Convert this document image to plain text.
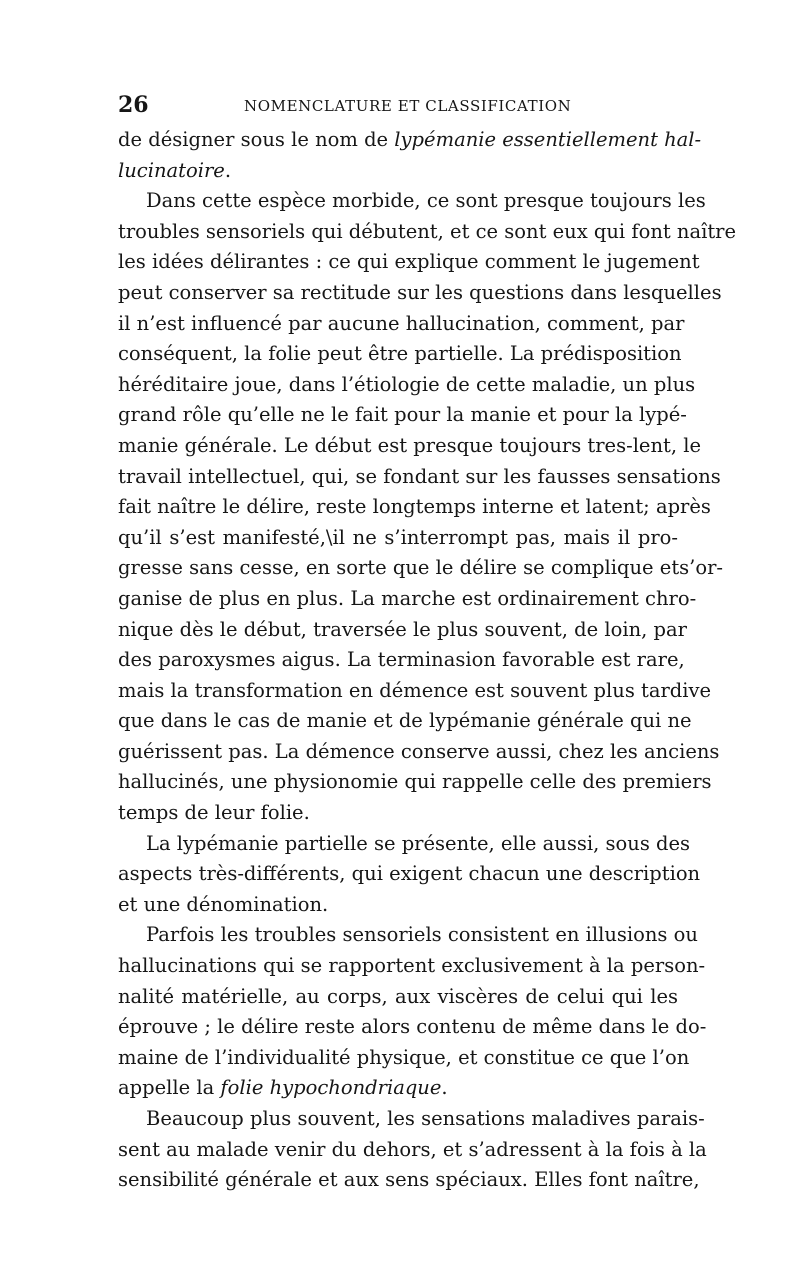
26	NOMENCLATURE ET CLASSIFICATION
de désigner sous le nom de lypémanie essentiellement hal-
lucinatoire.
Dans cette espèce morbide, ce sont presque toujours les
troubles sensoriels qui débutent, et ce sont eux qui font naître
les idées délirantes : ce qui explique comment le jugement
peut conserver sa rectitude sur les questions dans lesquelles
il n’est influencé par aucune hallucination, comment, par
conséquent, la folie peut être partielle. La prédisposition
héréditaire joue, dans l’étiologie de cette maladie, un plus
grand rôle qu’elle ne le fait pour la manie et pour la lypé-
manie générale. Le début est presque toujours tres-lent, le
travail intellectuel, qui, se fondant sur les fausses sensations
fait naître le délire, reste longtemps interne et latent; après
qu’il s’est manifesté,\il ne s’interrompt pas, mais il pro-
gresse sans cesse, en sorte que le délire se complique ets’or-
ganise de plus en plus. La marche est ordinairement chro-
nique dès le début, traversée le plus souvent, de loin, par
des paroxysmes aigus. La terminasion favorable est rare,
mais la transformation en démence est souvent plus tardive
que dans le cas de manie et de lypémanie générale qui ne
guérissent pas. La démence conserve aussi, chez les anciens
hallucinés, une physionomie qui rappelle celle des premiers
temps de leur folie.
La lypémanie partielle se présente, elle aussi, sous des
aspects très-différents, qui exigent chacun une description
et une dénomination.
Parfois les troubles sensoriels consistent en illusions ou
hallucinations qui se rapportent exclusivement à la person-
nalité matérielle, au corps, aux viscères de celui qui les
éprouve ; le délire reste alors contenu de même dans le do-
maine de l’individualité physique, et constitue ce que l’on
appelle la folie hypochondriaque.
Beaucoup plus souvent, les sensations maladives parais-
sent au malade venir du dehors, et s’adressent à la fois à la
sensibilité générale et aux sens spéciaux. Elles font naître,
